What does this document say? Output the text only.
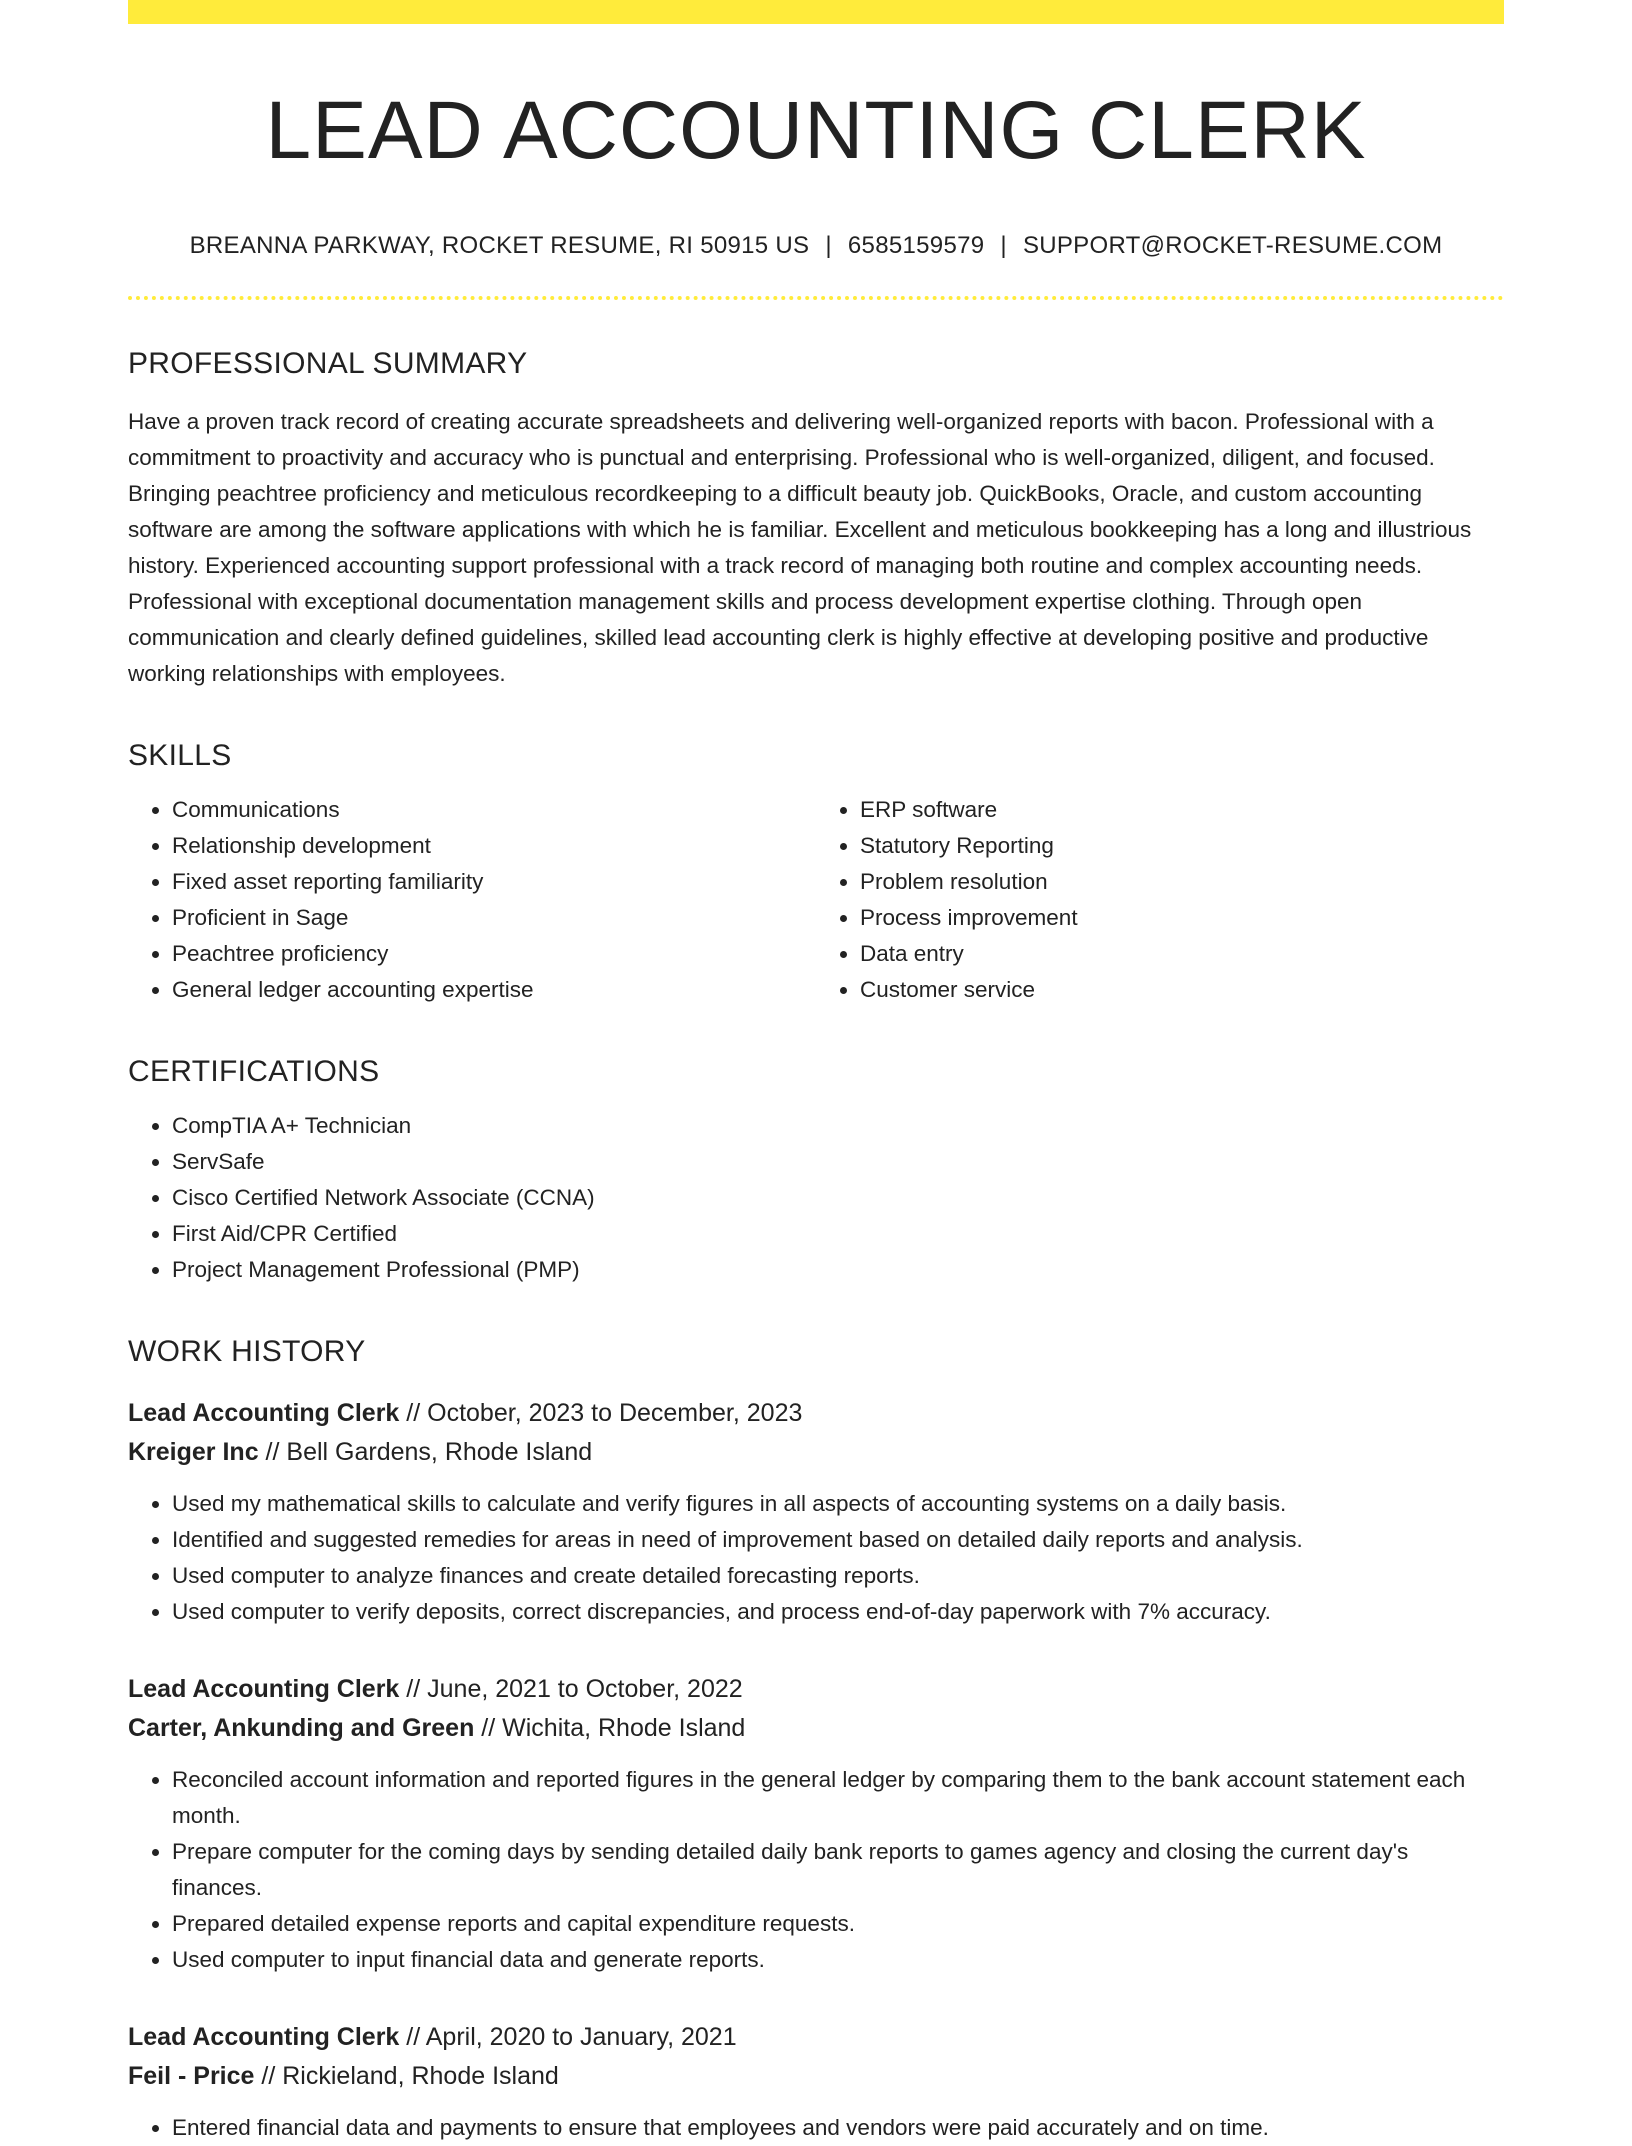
LEAD ACCOUNTING CLERK
BREANNA PARKWAY, ROCKET RESUME, RI 50915 US | 6585159579 | SUPPORT@ROCKET-RESUME.COM
PROFESSIONAL SUMMARY

Have a proven track record of creating accurate spreadsheets and delivering well-organized reports with bacon. Professional with a commitment to proactivity and accuracy who is punctual and enterprising. Professional who is well-organized, diligent, and focused. Bringing peachtree proficiency and meticulous recordkeeping to a difficult beauty job. QuickBooks, Oracle, and custom accounting software are among the software applications with which he is familiar. Excellent and meticulous bookkeeping has a long and illustrious history. Experienced accounting support professional with a track record of managing both routine and complex accounting needs. Professional with exceptional documentation management skills and process development expertise clothing. Through open communication and clearly defined guidelines, skilled lead accounting clerk is highly effective at developing positive and productive working relationships with employees.

SKILLS
• Communications
• Relationship development
• Fixed asset reporting familiarity
• Proficient in Sage
• Peachtree proficiency
• General ledger accounting expertise
• ERP software
• Statutory Reporting
• Problem resolution
• Process improvement
• Data entry
• Customer service
CERTIFICATIONS
• CompTIA A+ Technician
• ServSafe
• Cisco Certified Network Associate (CCNA)
• First Aid/CPR Certified
• Project Management Professional (PMP)
WORK HISTORY
Lead Accounting Clerk // October, 2023 to December, 2023
Kreiger Inc // Bell Gardens, Rhode Island
• Used my mathematical skills to calculate and verify figures in all aspects of accounting systems on a daily basis.
• Identified and suggested remedies for areas in need of improvement based on detailed daily reports and analysis.
• Used computer to analyze finances and create detailed forecasting reports.
• Used computer to verify deposits, correct discrepancies, and process end-of-day paperwork with 7% accuracy.
Lead Accounting Clerk // June, 2021 to October, 2022
Carter, Ankunding and Green // Wichita, Rhode Island
• Reconciled account information and reported figures in the general ledger by comparing them to the bank account statement each month.
• Prepare computer for the coming days by sending detailed daily bank reports to games agency and closing the current day's finances.
• Prepared detailed expense reports and capital expenditure requests.
• Used computer to input financial data and generate reports.
Lead Accounting Clerk // April, 2020 to January, 2021
Feil - Price // Rickieland, Rhode Island
• Entered financial data and payments to ensure that employees and vendors were paid accurately and on time.
